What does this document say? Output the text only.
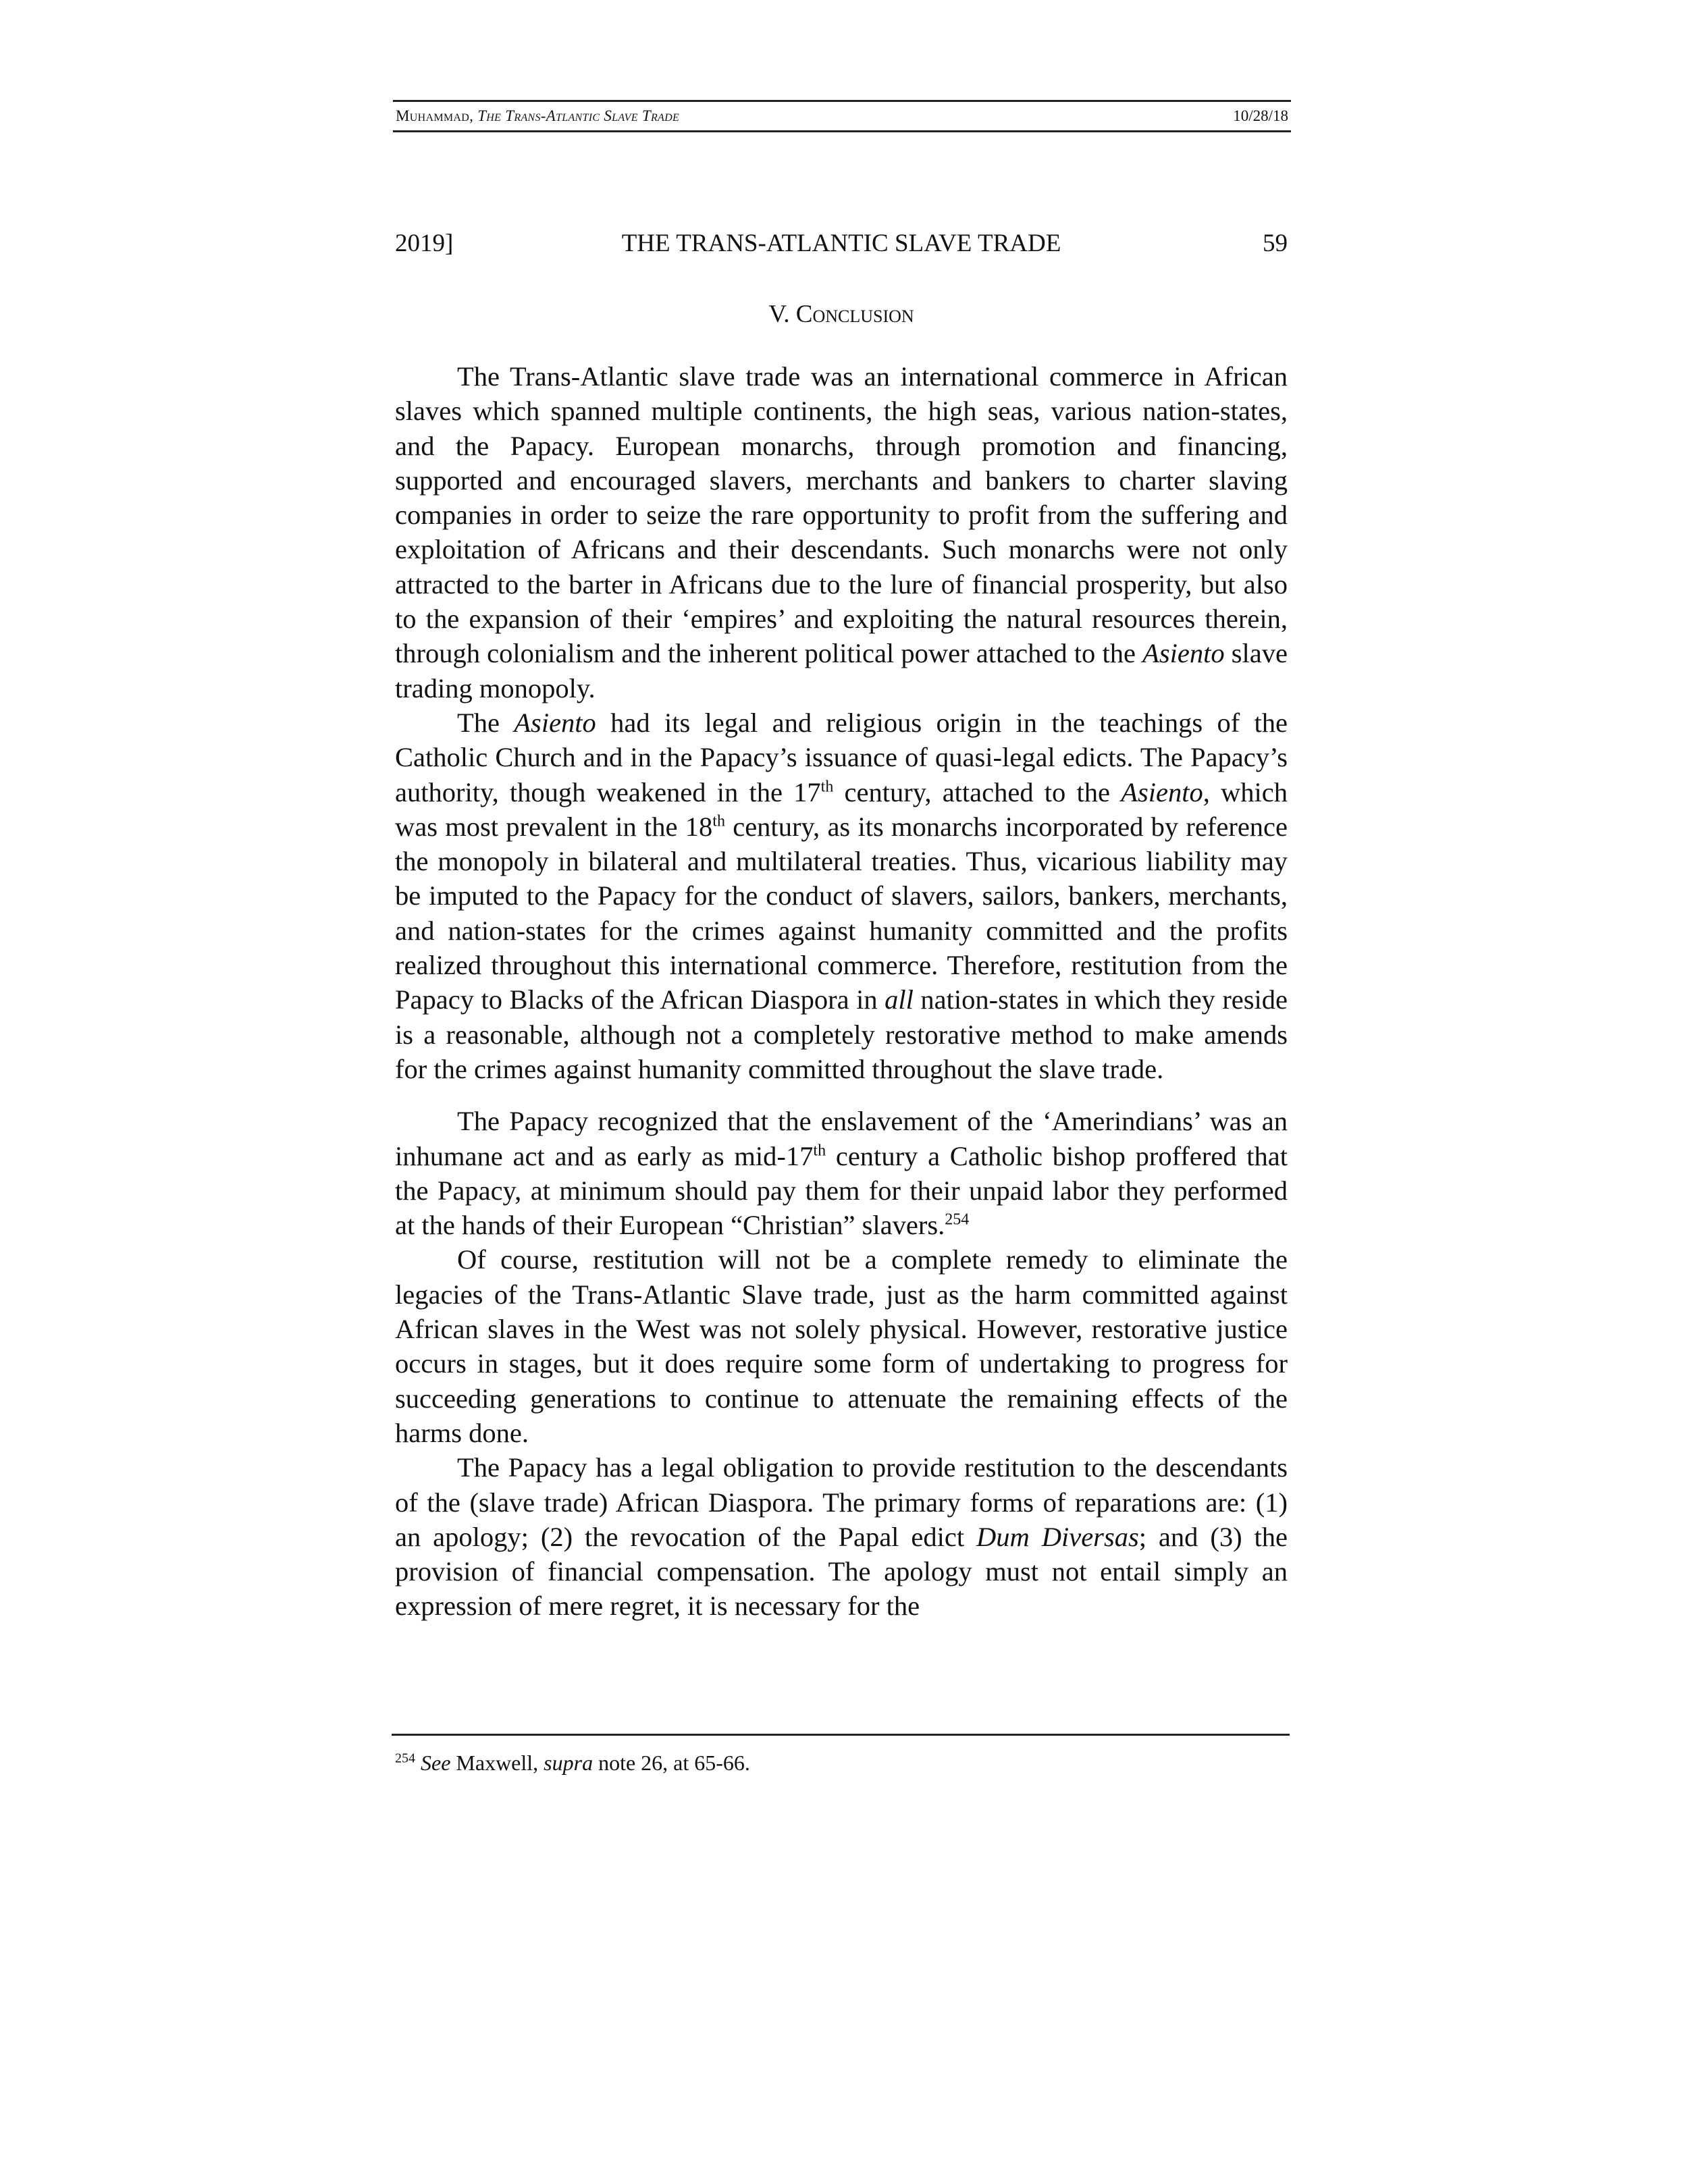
Muhammad, The Trans-Atlantic Slave Trade	10/28/18
2019]	THE TRANS-ATLANTIC SLAVE TRADE	59
V. Conclusion

The Trans-Atlantic slave trade was an international commerce in African slaves which spanned multiple continents, the high seas, various nation-states, and the Papacy. European monarchs, through promotion and financing, supported and encouraged slavers, merchants and bankers to charter slaving companies in order to seize the rare opportunity to profit from the suffering and exploitation of Africans and their descendants. Such monarchs were not only attracted to the barter in Africans due to the lure of financial prosperity, but also to the expansion of their ‘empires’ and exploiting the natural resources therein, through colonialism and the inherent political power attached to the Asiento slave trading monopoly.

The Asiento had its legal and religious origin in the teachings of the Catholic Church and in the Papacy’s issuance of quasi-legal edicts. The Papacy’s authority, though weakened in the 17th century, attached to the Asiento, which was most prevalent in the 18th century, as its monarchs incorporated by reference the monopoly in bilateral and multilateral treaties. Thus, vicarious liability may be imputed to the Papacy for the conduct of slavers, sailors, bankers, merchants, and nation-states for the crimes against humanity committed and the profits realized throughout this international commerce. Therefore, restitution from the Papacy to Blacks of the African Diaspora in all nation-states in which they reside is a reasonable, although not a completely restorative method to make amends for the crimes against humanity committed throughout the slave trade.

The Papacy recognized that the enslavement of the ‘Amerindians’ was an inhumane act and as early as mid-17th century a Catholic bishop proffered that the Papacy, at minimum should pay them for their unpaid labor they performed at the hands of their European “Christian” slavers.$^{254}$

Of course, restitution will not be a complete remedy to eliminate the legacies of the Trans-Atlantic Slave trade, just as the harm committed against African slaves in the West was not solely physical. However, restorative justice occurs in stages, but it does require some form of undertaking to progress for succeeding generations to continue to attenuate the remaining effects of the harms done.

The Papacy has a legal obligation to provide restitution to the descendants of the (slave trade) African Diaspora. The primary forms of reparations are: (1) an apology; (2) the revocation of the Papal edict Dum Diversas; and (3) the provision of financial compensation. The apology must not entail simply an expression of mere regret, it is necessary for the

$^{254}$ See Maxwell, supra note 26, at 65-66.
